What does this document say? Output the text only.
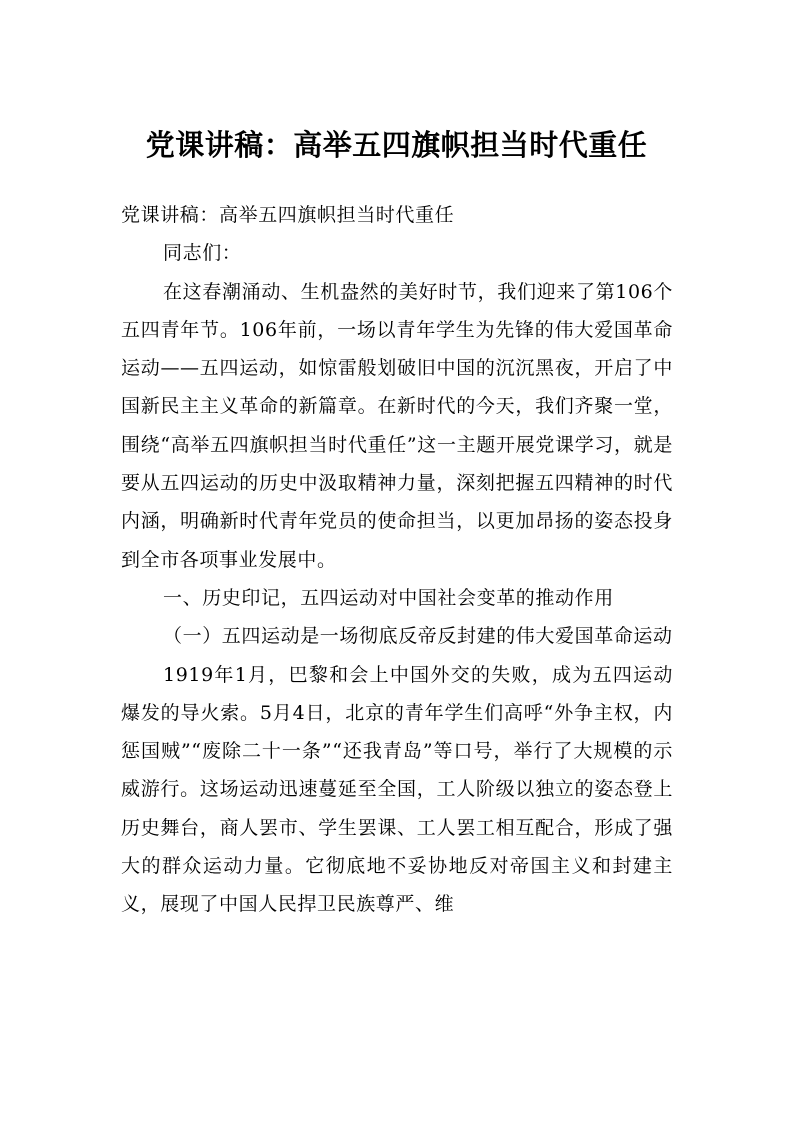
党课讲稿：高举五四旗帜担当时代重任

党课讲稿：高举五四旗帜担当时代重任

同志们：

在这春潮涌动、生机盎然的美好时节，我们迎来了第106个五四青年节。106年前，一场以青年学生为先锋的伟大爱国革命运动——五四运动，如惊雷般划破旧中国的沉沉黑夜，开启了中国新民主主义革命的新篇章。在新时代的今天，我们齐聚一堂，围绕“高举五四旗帜担当时代重任”这一主题开展党课学习，就是要从五四运动的历史中汲取精神力量，深刻把握五四精神的时代内涵，明确新时代青年党员的使命担当，以更加昂扬的姿态投身到全市各项事业发展中。

一、历史印记，五四运动对中国社会变革的推动作用

（一）五四运动是一场彻底反帝反封建的伟大爱国革命运动

1919年1月，巴黎和会上中国外交的失败，成为五四运动爆发的导火索。5月4日，北京的青年学生们高呼“外争主权，内惩国贼”“废除二十一条”“还我青岛”等口号，举行了大规模的示威游行。这场运动迅速蔓延至全国，工人阶级以独立的姿态登上历史舞台，商人罢市、学生罢课、工人罢工相互配合，形成了强大的群众运动力量。它彻底地不妥协地反对帝国主义和封建主义，展现了中国人民捍卫民族尊严、维
